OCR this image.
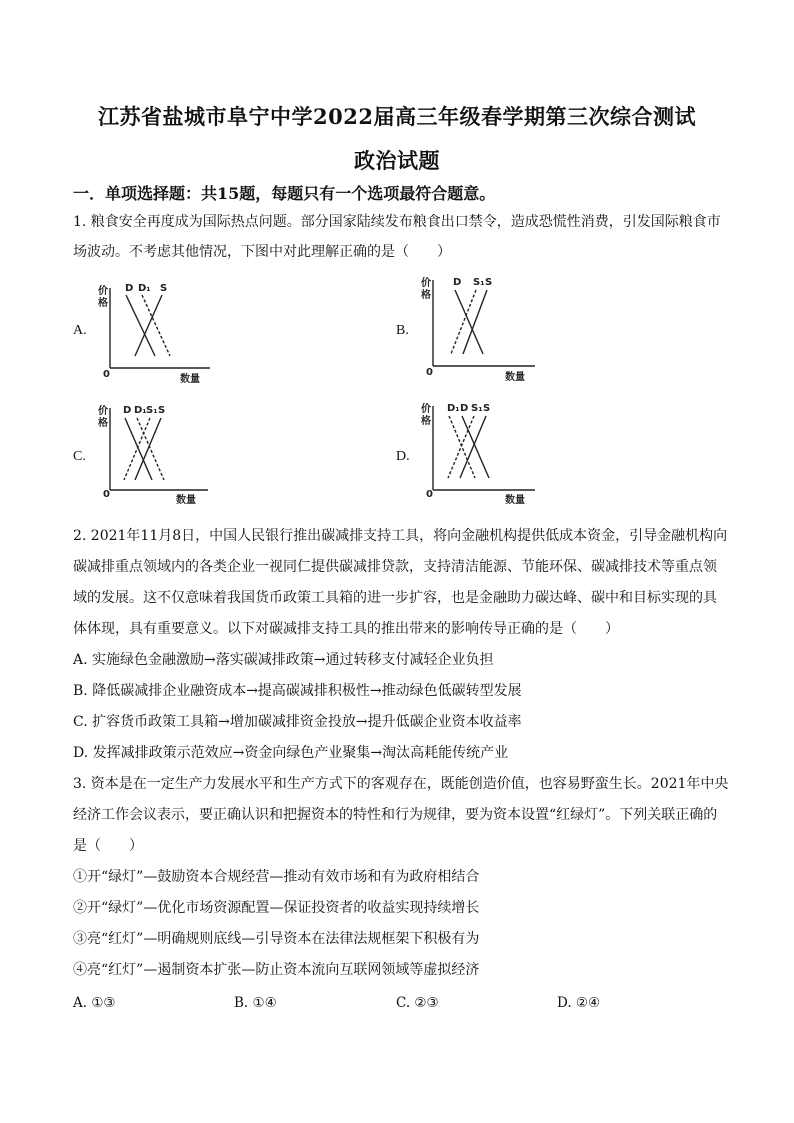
江苏省盐城市阜宁中学2022届高三年级春学期第三次综合测试
政治试题
一．单项选择题：共15题，每题只有一个选项最符合题意。
1. 粮食安全再度成为国际热点问题。部分国家陆续发布粮食出口禁令，造成恐慌性消费，引发国际粮食市
场波动。不考虑其他情况，下图中对此理解正确的是（　　）
A.
价
格
0	数量
D D₁ S
B.
价
格
0	数量
D S₁ S
C.
价
格
0
数量
D D₁ S₁ S
D.
价
格
0
数量
D₁ D S₁ S
2. 2021年11月8日，中国人民银行推出碳减排支持工具，将向金融机构提供低成本资金，引导金融机构向
碳减排重点领域内的各类企业一视同仁提供碳减排贷款，支持清洁能源、节能环保、碳减排技术等重点领
域的发展。这不仅意味着我国货币政策工具箱的进一步扩容，也是金融助力碳达峰、碳中和目标实现的具
体体现，具有重要意义。以下对碳减排支持工具的推出带来的影响传导正确的是（　　）
A. 实施绿色金融激励→落实碳减排政策→通过转移支付减轻企业负担
B. 降低碳减排企业融资成本→提高碳减排积极性→推动绿色低碳转型发展
C. 扩容货币政策工具箱→增加碳减排资金投放→提升低碳企业资本收益率
D. 发挥减排政策示范效应→资金向绿色产业聚集→淘汰高耗能传统产业
3. 资本是在一定生产力发展水平和生产方式下的客观存在，既能创造价值，也容易野蛮生长。2021年中央
经济工作会议表示，要正确认识和把握资本的特性和行为规律，要为资本设置“红绿灯”。下列关联正确的
是（　　）
①开“绿灯”—鼓励资本合规经营—推动有效市场和有为政府相结合
②开“绿灯”—优化市场资源配置—保证投资者的收益实现持续增长
③亮“红灯”—明确规则底线—引导资本在法律法规框架下积极有为
④亮“红灯”—遏制资本扩张—防止资本流向互联网领域等虚拟经济
A. ①③	B. ①④	C. ②③	D. ②④
